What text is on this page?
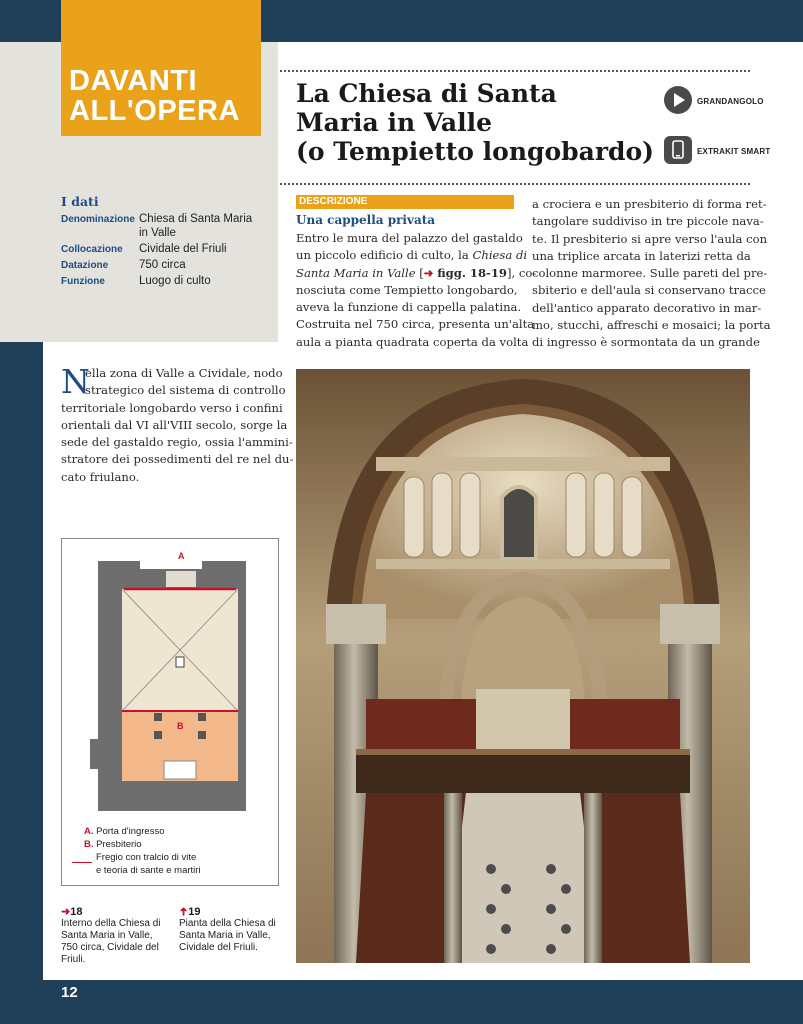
DAVANTI
ALL'OPERA
La Chiesa di Santa
Maria in Valle
(o Tempietto longobardo)
GRANDANGOLO
EXTRAKIT SMART
I dati
Denominazione Chiesa di Santa Maria
in Valle
Collocazione Cividale del Friuli
Datazione	750 circa
Funzione	Luogo di culto
DESCRIZIONE
Una cappella privata
Entro le mura del palazzo del gastaldo
un piccolo edificio di culto, la Chiesa di
Santa Maria in Valle [➜ figg. 18-19], co-
nosciuta come Tempietto longobardo,
aveva la funzione di cappella palatina.
Costruita nel 750 circa, presenta un'alta
aula a pianta quadrata coperta da volta
a crociera e un presbiterio di forma ret-
tangolare suddiviso in tre piccole nava-
te. Il presbiterio si apre verso l'aula con
una triplice arcata in laterizi retta da
colonne marmoree. Sulle pareti del pre-
sbiterio e dell'aula si conservano tracce
dell'antico apparato decorativo in mar-
mo, stucchi, affreschi e mosaici; la porta
di ingresso è sormontata da un grande
N
ella zona di Valle a Cividale, nodo
strategico del sistema di controllo
territoriale longobardo verso i confini
orientali dal VI all'VIII secolo, sorge la
sede del gastaldo regio, ossia l'ammini-
stratore dei possedimenti del re nel du-
cato friulano.
A
B
A. Porta d'ingresso
B. Presbiterio
Fregio con tralcio di vite
e teoria di sante e martiri
➜18
Interno della Chiesa di
Santa Maria in Valle,
750 circa, Cividale del
Friuli.
➜19
Pianta della Chiesa di
Santa Maria in Valle,
Cividale del Friuli.
12
